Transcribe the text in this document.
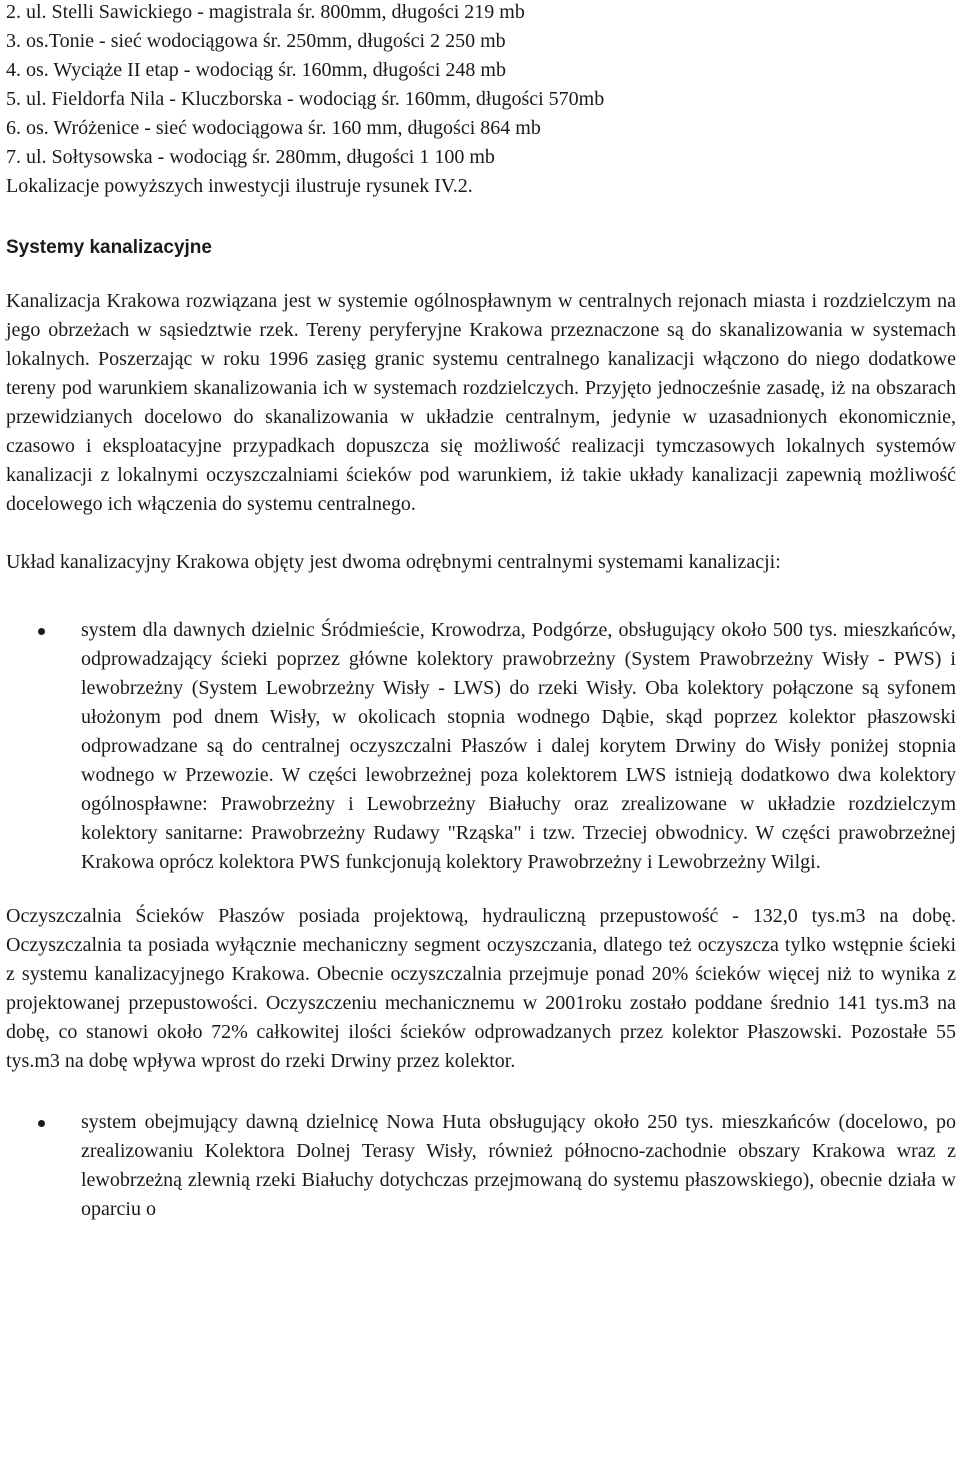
2. ul. Stelli Sawickiego - magistrala śr. 800mm, długości 219 mb

3. os.Tonie - sieć wodociągowa śr. 250mm, długości 2 250 mb

4. os. Wyciąże II etap - wodociąg śr. 160mm, długości 248 mb

5. ul. Fieldorfa Nila - Kluczborska - wodociąg śr. 160mm, długości 570mb

6. os. Wróżenice - sieć wodociągowa śr. 160 mm, długości 864 mb

7. ul. Sołtysowska - wodociąg śr. 280mm, długości 1 100 mb

Lokalizacje powyższych inwestycji ilustruje rysunek IV.2.

Systemy kanalizacyjne

Kanalizacja Krakowa rozwiązana jest w systemie ogólnospławnym w centralnych rejonach miasta i rozdzielczym na jego obrzeżach w sąsiedztwie rzek. Tereny peryferyjne Krakowa przeznaczone są do skanalizowania w systemach lokalnych. Poszerzając w roku 1996 zasięg granic systemu centralnego kanalizacji włączono do niego dodatkowe tereny pod warunkiem skanalizowania ich w systemach rozdzielczych. Przyjęto jednocześnie zasadę, iż na obszarach przewidzianych docelowo do skanalizowania w układzie centralnym, jedynie w uzasadnionych ekonomicznie, czasowo i eksploatacyjne przypadkach dopuszcza się możliwość realizacji tymczasowych lokalnych systemów kanalizacji z lokalnymi oczyszczalniami ścieków pod warunkiem, iż takie układy kanalizacji zapewnią możliwość docelowego ich włączenia do systemu centralnego.

Układ kanalizacyjny Krakowa objęty jest dwoma odrębnymi centralnymi systemami kanalizacji:

system dla dawnych dzielnic Śródmieście, Krowodrza, Podgórze, obsługujący około 500 tys. mieszkańców, odprowadzający ścieki poprzez główne kolektory prawobrzeżny (System Prawobrzeżny Wisły - PWS) i lewobrzeżny (System Lewobrzeżny Wisły - LWS) do rzeki Wisły. Oba kolektory połączone są syfonem ułożonym pod dnem Wisły, w okolicach stopnia wodnego Dąbie, skąd poprzez kolektor płaszowski odprowadzane są do centralnej oczyszczalni Płaszów i dalej korytem Drwiny do Wisły poniżej stopnia wodnego w Przewozie. W części lewobrzeżnej poza kolektorem LWS istnieją dodatkowo dwa kolektory ogólnospławne: Prawobrzeżny i Lewobrzeżny Białuchy oraz zrealizowane w układzie rozdzielczym kolektory sanitarne: Prawobrzeżny Rudawy "Rząska" i tzw. Trzeciej obwodnicy. W części prawobrzeżnej Krakowa oprócz kolektora PWS funkcjonują kolektory Prawobrzeżny i Lewobrzeżny Wilgi.

Oczyszczalnia Ścieków Płaszów posiada projektową, hydrauliczną przepustowość - 132,0 tys.m3 na dobę. Oczyszczalnia ta posiada wyłącznie mechaniczny segment oczyszczania, dlatego też oczyszcza tylko wstępnie ścieki z systemu kanalizacyjnego Krakowa. Obecnie oczyszczalnia przejmuje ponad 20% ścieków więcej niż to wynika z projektowanej przepustowości. Oczyszczeniu mechanicznemu w 2001roku zostało poddane średnio 141 tys.m3 na dobę, co stanowi około 72% całkowitej ilości ścieków odprowadzanych przez kolektor Płaszowski. Pozostałe 55 tys.m3 na dobę wpływa wprost do rzeki Drwiny przez kolektor.

system obejmujący dawną dzielnicę Nowa Huta obsługujący około 250 tys. mieszkańców (docelowo, po zrealizowaniu Kolektora Dolnej Terasy Wisły, również północno-zachodnie obszary Krakowa wraz z lewobrzeżną zlewnią rzeki Białuchy dotychczas przejmowaną do systemu płaszowskiego), obecnie działa w oparciu o
